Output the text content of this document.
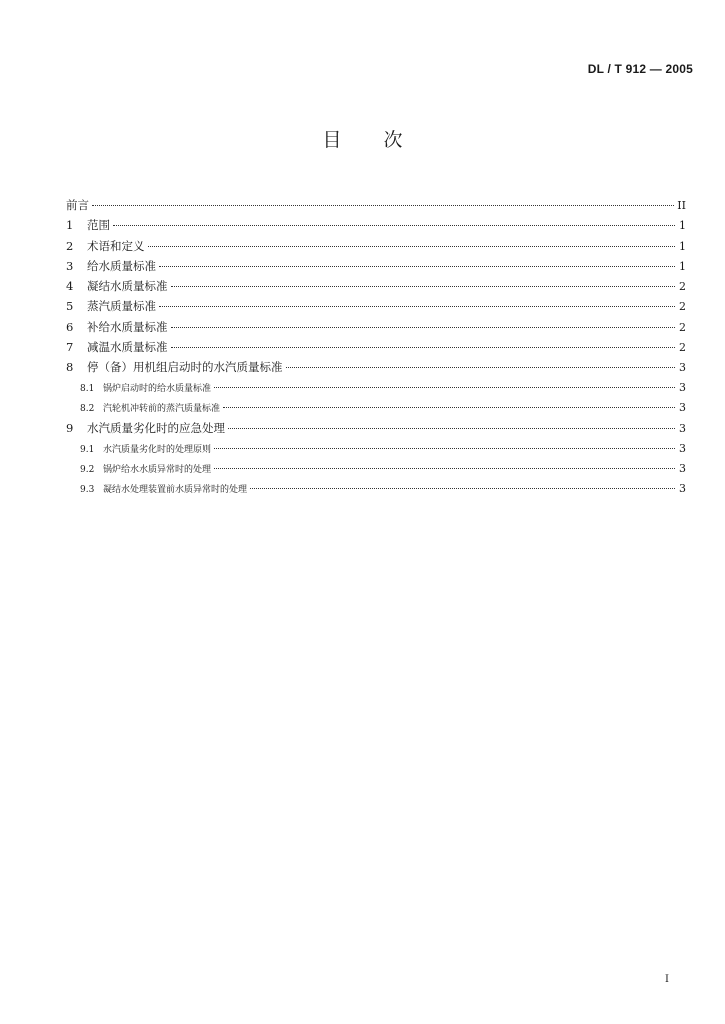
DL / T 912 — 2005
目次
前言	II
1	范围	1
2	术语和定义	1
3	给水质量标准	1
4	凝结水质量标准	2
5	蒸汽质量标准	2
6	补给水质量标准	2
7	减温水质量标准	2
8	停（备）用机组启动时的水汽质量标准	3
8.1 锅炉启动时的给水质量标准	3
8.2 汽轮机冲转前的蒸汽质量标准	3
9	水汽质量劣化时的应急处理	3
9.1 水汽质量劣化时的处理原则	3
9.2 锅炉给水水质异常时的处理	3
9.3 凝结水处理装置前水质异常时的处理	3
I
